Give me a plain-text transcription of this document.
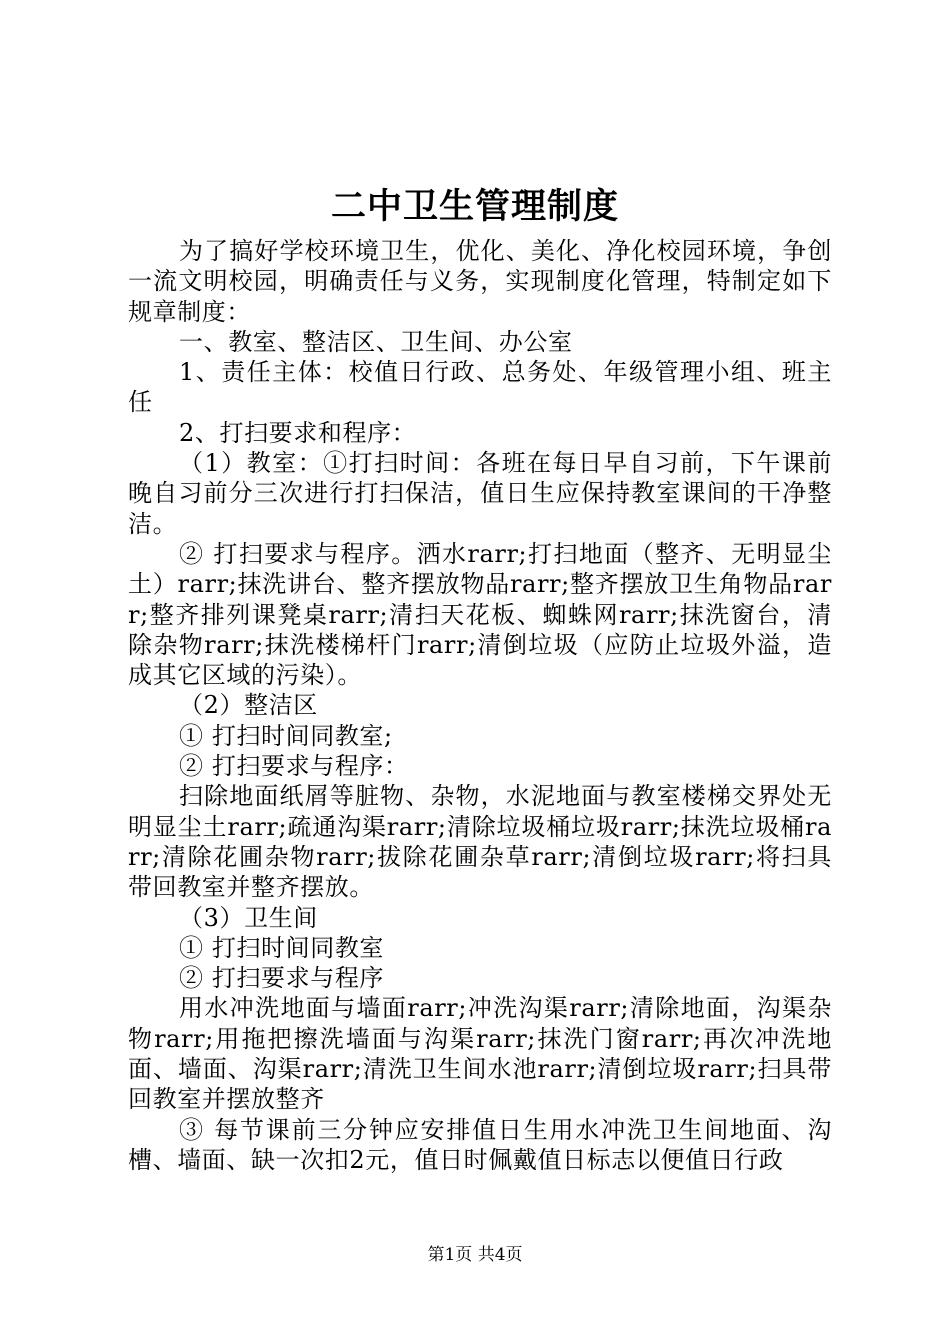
二中卫生管理制度

为了搞好学校环境卫生，优化、美化、净化校园环境，争创一流文明校园，明确责任与义务，实现制度化管理，特制定如下规章制度：

一、教室、整洁区、卫生间、办公室

1、责任主体：校值日行政、总务处、年级管理小组、班主任

2、打扫要求和程序：

（1）教室：①打扫时间：各班在每日早自习前，下午课前晚自习前分三次进行打扫保洁，值日生应保持教室课间的干净整洁。

② 打扫要求与程序。洒水rarr;打扫地面（整齐、无明显尘土）rarr;抹洗讲台、整齐摆放物品rarr;整齐摆放卫生角物品rarr;整齐排列课凳桌rarr;清扫天花板、蜘蛛网rarr;抹洗窗台，清除杂物rarr;抹洗楼梯杆门rarr;清倒垃圾（应防止垃圾外溢，造成其它区域的污染）。

（2）整洁区

① 打扫时间同教室;

② 打扫要求与程序：

扫除地面纸屑等脏物、杂物，水泥地面与教室楼梯交界处无明显尘土rarr;疏通沟渠rarr;清除垃圾桶垃圾rarr;抹洗垃圾桶rarr;清除花圃杂物rarr;拔除花圃杂草rarr;清倒垃圾rarr;将扫具带回教室并整齐摆放。

（3）卫生间

① 打扫时间同教室

② 打扫要求与程序

用水冲洗地面与墙面rarr;冲洗沟渠rarr;清除地面，沟渠杂物rarr;用拖把擦洗墙面与沟渠rarr;抹洗门窗rarr;再次冲洗地面、墙面、沟渠rarr;清洗卫生间水池rarr;清倒垃圾rarr;扫具带回教室并摆放整齐

③ 每节课前三分钟应安排值日生用水冲洗卫生间地面、沟槽、墙面、缺一次扣2元，值日时佩戴值日标志以便值日行政

第1页 共4页
